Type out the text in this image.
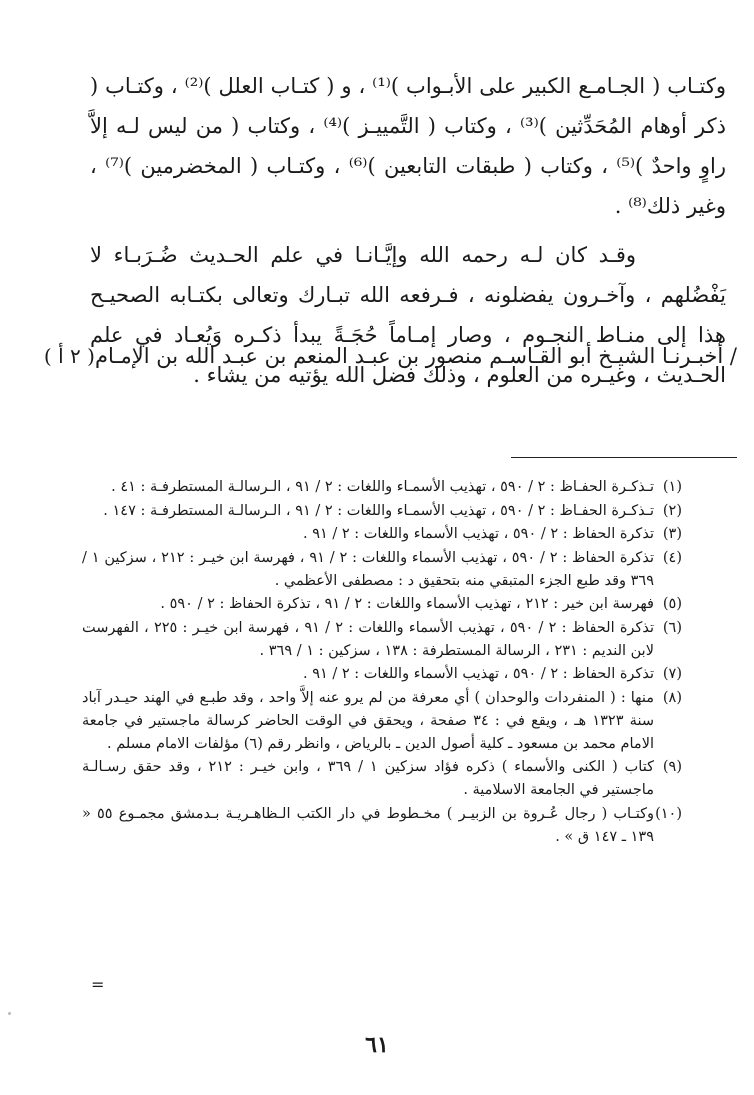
وكتـاب ( الجـامـع الكبير على الأبـواب )⁽¹⁾ ، و ( كتـاب العلل )⁽²⁾ ، وكتـاب ( ذكر أوهام المُحَدِّثين )⁽³⁾ ، وكتاب ( التَّمييـز )⁽⁴⁾ ، وكتاب ( من ليس لـه إلاَّ راوٍ واحدٌ )⁽⁵⁾ ، وكتاب ( طبقات التابعين )⁽⁶⁾ ، وكتـاب ( المخضرمين )⁽⁷⁾ ، وغير ذلك⁽⁸⁾ .

وقـد كان لـه رحمه الله وإيَّـانـا في علم الحـديث ضُـرَبـاء لا يَفْضُلهم ، وآخـرون يفضلونه ، فـرفعه الله تبـارك وتعالى بكتـابه الصحيـح هذا إلى منـاط النجـوم ، وصار إمـاماً حُجَـةً يبدأ ذكـره وَيُعـاد في علم الحـديث ، وغيـره من العلوم ، وذلك فضل الله يؤتيه من يشاء .

/ أخبـرنـا الشيـخ أبو القـاسـم منصور بن عبـد المنعم بن عبـد الله بن الإمـام
( ٢ أ )

(١)تـذكـرة الحفـاظ : ٢ / ٥٩٠ ، تهذيب الأسمـاء واللغات : ٢ / ٩١ ، الـرسالـة المستطرفـة : ٤١ .

(٢)تـذكـرة الحفـاظ : ٢ / ٥٩٠ ، تهذيب الأسمـاء واللغات : ٢ / ٩١ ، الـرسالـة المستطرفـة : ١٤٧ .

(٣)تذكرة الحفاظ : ٢ / ٥٩٠ ، تهذيب الأسماء واللغات : ٢ / ٩١ .

(٤)تذكرة الحفاظ : ٢ / ٥٩٠ ، تهذيب الأسماء واللغات : ٢ / ٩١ ، فهرسة ابن خيـر : ٢١٢ ، سزكين ١ / ٣٦٩ وقد طبع الجزء المتبقي منه بتحقيق د : مصطفى الأعظمي .

(٥)فهرسة ابن خير : ٢١٢ ، تهذيب الأسماء واللغات : ٢ / ٩١ ، تذكرة الحفاظ : ٢ / ٥٩٠ .

(٦)تذكرة الحفاظ : ٢ / ٥٩٠ ، تهذيب الأسماء واللغات : ٢ / ٩١ ، فهرسة ابن خيـر : ٢٢٥ ، الفهرست لابن النديم : ٢٣١ ، الرسالة المستطرفة : ١٣٨ ، سزكين : ١ / ٣٦٩ .

(٧)تذكرة الحفاظ : ٢ / ٥٩٠ ، تهذيب الأسماء واللغات : ٢ / ٩١ .

(٨)منها : ( المنفردات والوحدان ) أي معرفة من لم يرو عنه إلاَّ واحد ، وقد طبـع في الهند حيـدر آباد سنة ١٣٢٣ هـ ، ويقع في : ٣٤ صفحة ، ويحقق في الوقت الحاضر كرسالة ماجستير في جامعة الامام محمد بن مسعود ـ كلية أصول الدين ـ بالرياض ، وانظر رقم (٦) مؤلفات الامام مسلم .

(٩)كتاب ( الكنى والأسماء ) ذكره فؤاد سزكين ١ / ٣٦٩ ، وابن خيـر : ٢١٢ ، وقد حقق رسـالـة ماجستير في الجامعة الاسلامية .

(١٠)وكتـاب ( رجال عُـروة بن الزبيـر ) مخـطوط في دار الكتب الـظاهـريـة بـدمشق مجمـوع ٥٥ « ١٣٩ ـ ١٤٧ ق » .

=
٦١
